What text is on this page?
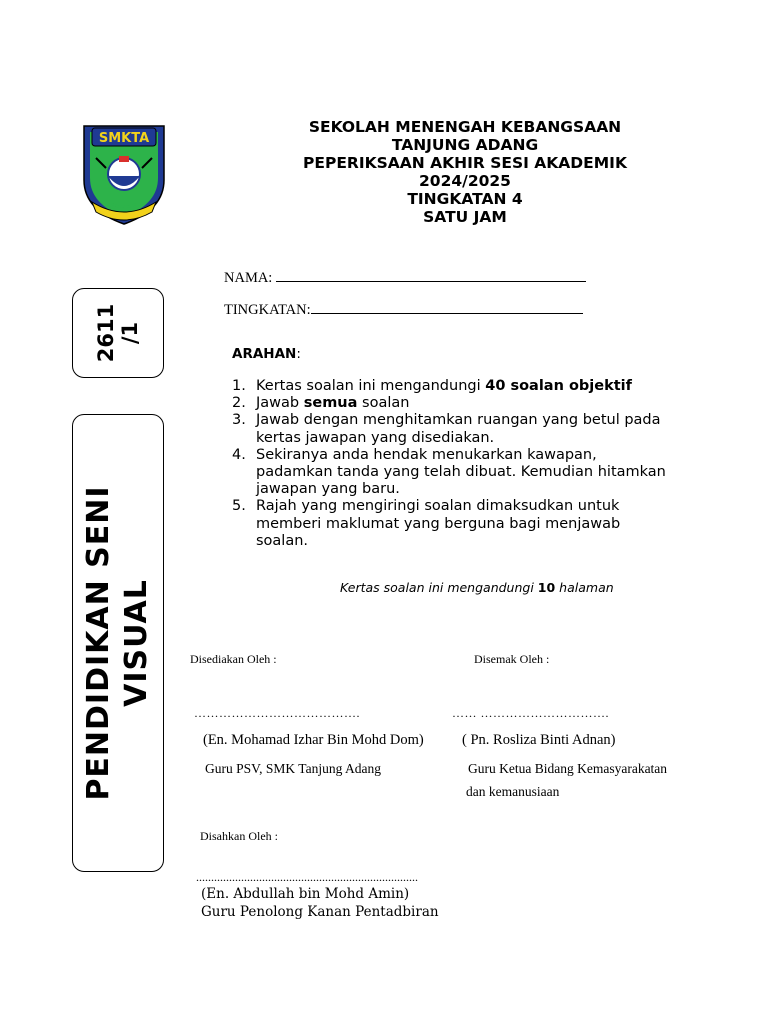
SMKTA
SEKOLAH MENENGAH KEBANGSAAN
TANJUNG ADANG
PEPERIKSAAN AKHIR SESI AKADEMIK
2024/2025
TINGKATAN 4
SATU JAM
NAMA:
TINGKATAN:
2611 /1
PENDIDIKAN SENI VISUAL
ARAHAN:
1. Kertas soalan ini mengandungi 40 soalan objektif
2. Jawab semua soalan
3. Jawab dengan menghitamkan ruangan yang betul pada kertas jawapan yang disediakan.
4. Sekiranya anda hendak menukarkan kawapan, padamkan tanda yang telah dibuat. Kemudian hitamkan jawapan yang baru.
5. Rajah yang mengiringi soalan dimaksudkan untuk memberi maklumat yang berguna bagi menjawab soalan.
Kertas soalan ini mengandungi 10 halaman
Disediakan Oleh :
………………………………….
(En. Mohamad Izhar Bin Mohd Dom)
Guru PSV, SMK Tanjung Adang
Disemak Oleh :
…… ………………………….
( Pn. Rosliza Binti Adnan)
Guru Ketua Bidang Kemasyarakatan
dan kemanusiaan
Disahkan Oleh :
..........................................................................
(En. Abdullah bin Mohd Amin)
Guru Penolong Kanan Pentadbiran
